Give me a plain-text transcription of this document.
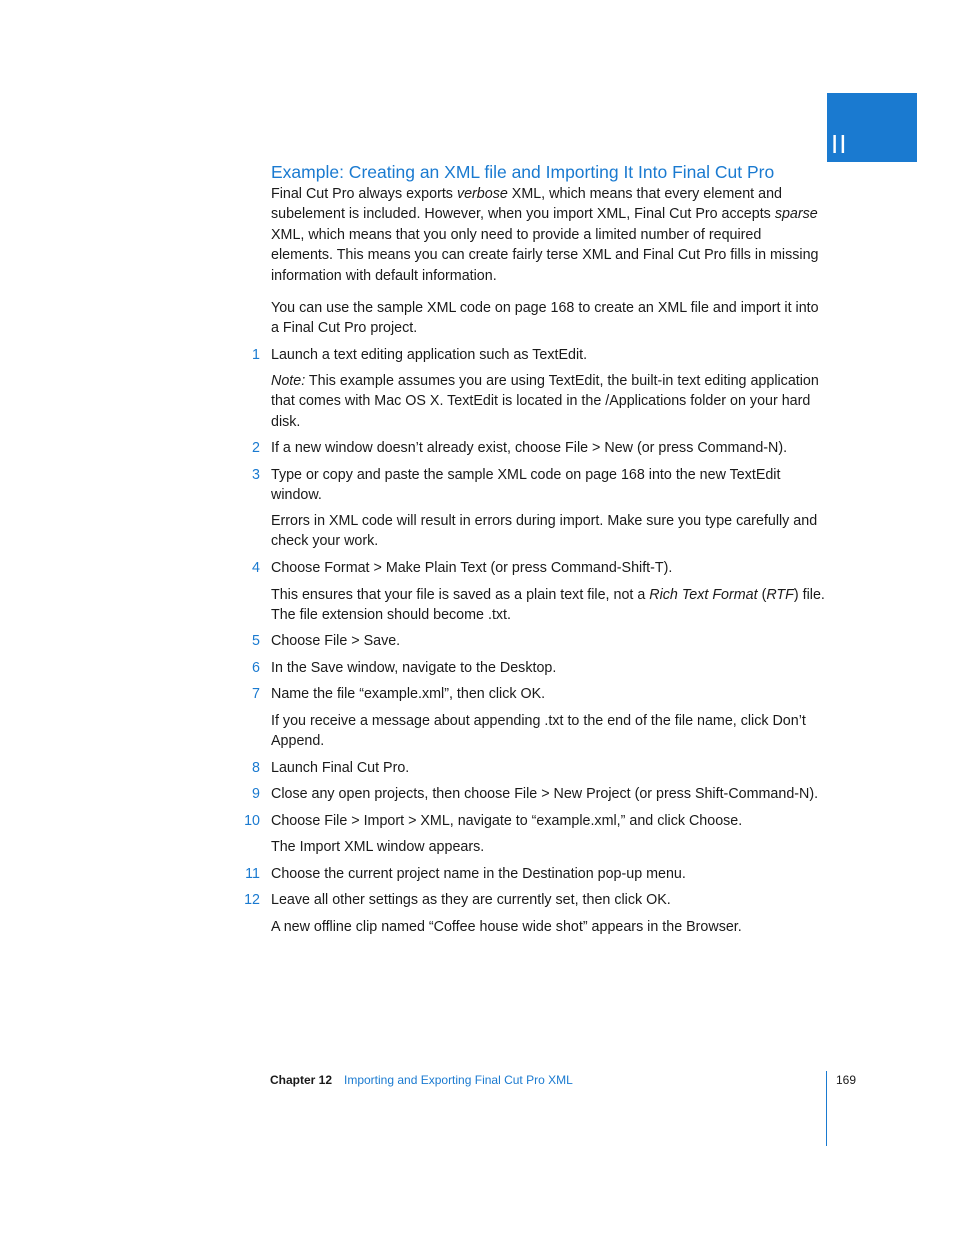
II
Example: Creating an XML file and Importing It Into Final Cut Pro

Final Cut Pro always exports verbose XML, which means that every element and subelement is included. However, when you import XML, Final Cut Pro accepts sparse XML, which means that you only need to provide a limited number of required elements. This means you can create fairly terse XML and Final Cut Pro fills in missing information with default information.

You can use the sample XML code on page 168 to create an XML file and import it into a Final Cut Pro project.

1 Launch a text editing application such as TextEdit.

Note: This example assumes you are using TextEdit, the built-in text editing application that comes with Mac OS X. TextEdit is located in the /Applications folder on your hard disk.

2 If a new window doesn’t already exist, choose File > New (or press Command-N).

3 Type or copy and paste the sample XML code on page 168 into the new TextEdit window.

Errors in XML code will result in errors during import. Make sure you type carefully and check your work.

4 Choose Format > Make Plain Text (or press Command-Shift-T).

This ensures that your file is saved as a plain text file, not a Rich Text Format (RTF) file. The file extension should become .txt.

5 Choose File > Save.

6 In the Save window, navigate to the Desktop.

7 Name the file “example.xml”, then click OK.

If you receive a message about appending .txt to the end of the file name, click Don’t Append.

8 Launch Final Cut Pro.

9 Close any open projects, then choose File > New Project (or press Shift-Command-N).

10 Choose File > Import > XML, navigate to “example.xml,” and click Choose.

The Import XML window appears.

11 Choose the current project name in the Destination pop-up menu.

12 Leave all other settings as they are currently set, then click OK.

A new offline clip named “Coffee house wide shot” appears in the Browser.

Chapter 12 Importing and Exporting Final Cut Pro XML	169
